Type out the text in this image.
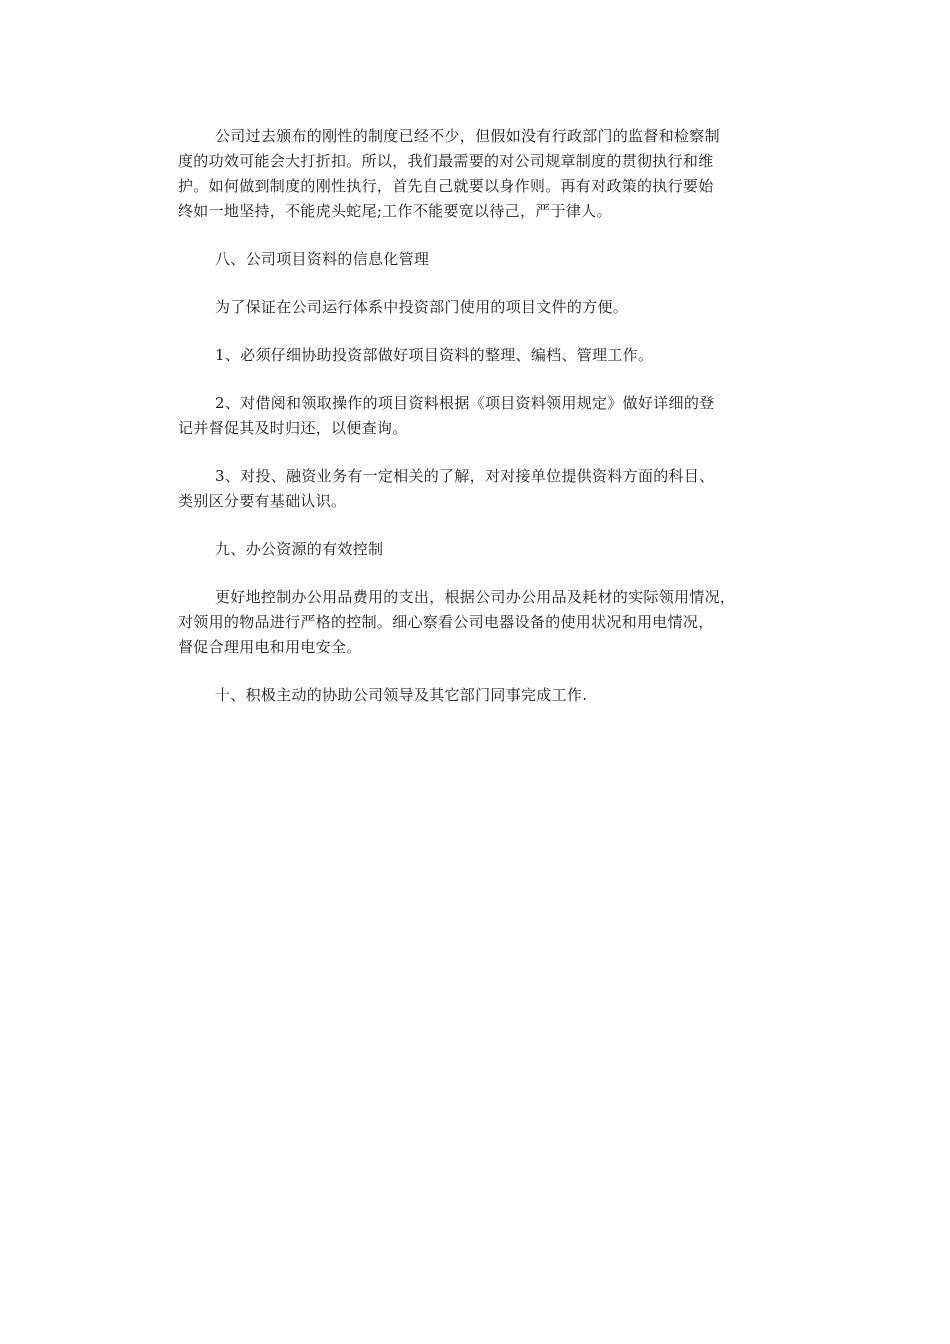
公司过去颁布的刚性的制度已经不少，但假如没有行政部门的监督和检察制
度的功效可能会大打折扣。所以，我们最需要的对公司规章制度的贯彻执行和维
护。如何做到制度的刚性执行，首先自己就要以身作则。再有对政策的执行要始
终如一地坚持，不能虎头蛇尾;工作不能要宽以待己，严于律人。

八、公司项目资料的信息化管理

为了保证在公司运行体系中投资部门使用的项目文件的方便。

1、必须仔细协助投资部做好项目资料的整理、编档、管理工作。

2、对借阅和领取操作的项目资料根据《项目资料领用规定》做好详细的登
记并督促其及时归还，以便查询。

3、对投、融资业务有一定相关的了解，对对接单位提供资料方面的科目、
类别区分要有基础认识。

九、办公资源的有效控制

更好地控制办公用品费用的支出，根据公司办公用品及耗材的实际领用情况，
对领用的物品进行严格的控制。细心察看公司电器设备的使用状况和用电情况，
督促合理用电和用电安全。

十、积极主动的协助公司领导及其它部门同事完成工作.
